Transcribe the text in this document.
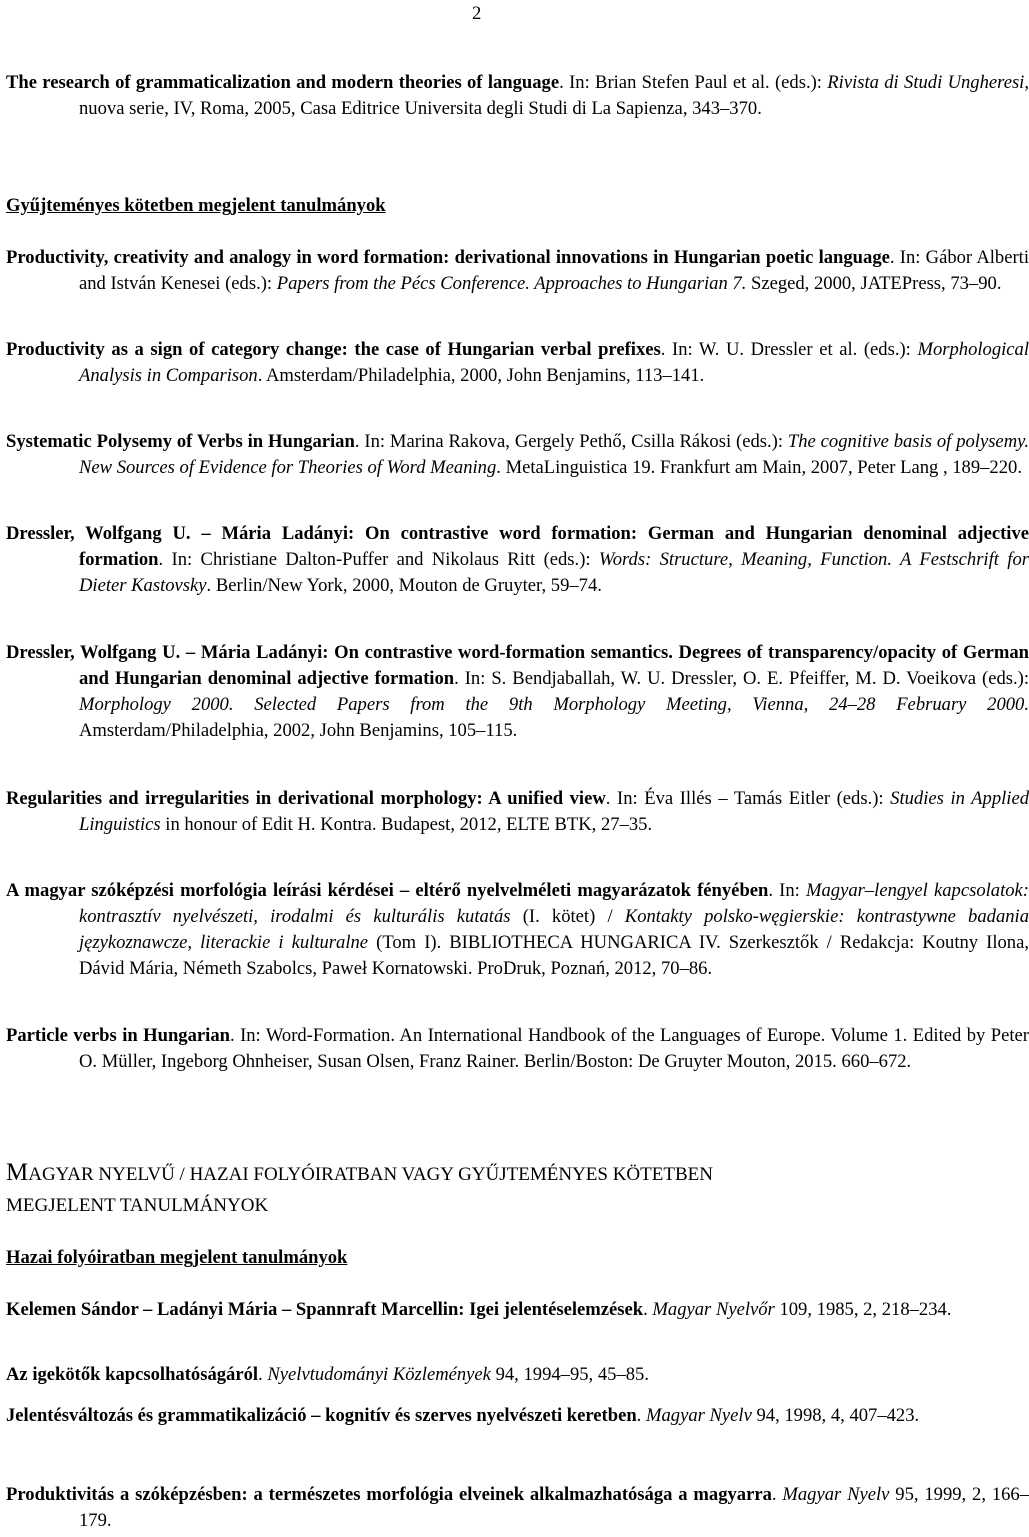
2

The research of grammaticalization and modern theories of language. In: Brian Stefen Paul et al. (eds.): Rivista di Studi Ungheresi, nuova serie, IV, Roma, 2005, Casa Editrice Universita degli Studi di La Sapienza, 343–370.

Gyűjteményes kötetben megjelent tanulmányok

Productivity, creativity and analogy in word formation: derivational innovations in Hungarian poetic language. In: Gábor Alberti and István Kenesei (eds.): Papers from the Pécs Conference. Approaches to Hungarian 7. Szeged, 2000, JATEPress, 73–90.

Productivity as a sign of category change: the case of Hungarian verbal prefixes. In: W. U. Dressler et al. (eds.): Morphological Analysis in Comparison. Amsterdam/Philadelphia, 2000, John Benjamins, 113–141.

Systematic Polysemy of Verbs in Hungarian. In: Marina Rakova, Gergely Pethő, Csilla Rákosi (eds.): The cognitive basis of polysemy. New Sources of Evidence for Theories of Word Meaning. MetaLinguistica 19. Frankfurt am Main, 2007, Peter Lang , 189–220.

Dressler, Wolfgang U. – Mária Ladányi: On contrastive word formation: German and Hungarian denominal adjective formation. In: Christiane Dalton-Puffer and Nikolaus Ritt (eds.): Words: Structure, Meaning, Function. A Festschrift for Dieter Kastovsky. Berlin/New York, 2000, Mouton de Gruyter, 59–74.

Dressler, Wolfgang U. – Mária Ladányi: On contrastive word-formation semantics. Degrees of transparency/opacity of German and Hungarian denominal adjective formation. In: S. Bendjaballah, W. U. Dressler, O. E. Pfeiffer, M. D. Voeikova (eds.): Morphology 2000. Selected Papers from the 9th Morphology Meeting, Vienna, 24–28 February 2000. Amsterdam/Philadelphia, 2002, John Benjamins, 105–115.

Regularities and irregularities in derivational morphology: A unified view. In: Éva Illés – Tamás Eitler (eds.): Studies in Applied Linguistics in honour of Edit H. Kontra. Budapest, 2012, ELTE BTK, 27–35.

A magyar szóképzési morfológia leírási kérdései – eltérő nyelvelméleti magyarázatok fényében. In: Magyar–lengyel kapcsolatok: kontrasztív nyelvészeti, irodalmi és kulturális kutatás (I. kötet) / Kontakty polsko-węgierskie: kontrastywne badania językoznawcze, literackie i kulturalne (Tom I). BIBLIOTHECA HUNGARICA IV. Szerkesztők / Redakcja: Koutny Ilona, Dávid Mária, Németh Szabolcs, Paweł Kornatowski. ProDruk, Poznań, 2012, 70–86.

Particle verbs in Hungarian. In: Word-Formation. An International Handbook of the Languages of Europe. Volume 1. Edited by Peter O. Müller, Ingeborg Ohnheiser, Susan Olsen, Franz Rainer. Berlin/Boston: De Gruyter Mouton, 2015. 660–672.

MAGYAR NYELVŰ / HAZAI FOLYÓIRATBAN VAGY GYŰJTEMÉNYES KÖTETBEN
MEGJELENT TANULMÁNYOK

Hazai folyóiratban megjelent tanulmányok

Kelemen Sándor – Ladányi Mária – Spannraft Marcellin: Igei jelentéselemzések. Magyar Nyelvőr 109, 1985, 2, 218–234.

Az igekötők kapcsolhatóságáról. Nyelvtudományi Közlemények 94, 1994–95, 45–85.

Jelentésváltozás és grammatikalizáció – kognitív és szerves nyelvészeti keretben. Magyar Nyelv 94, 1998, 4, 407–423.

Produktivitás a szóképzésben: a természetes morfológia elveinek alkalmazhatósága a magyarra. Magyar Nyelv 95, 1999, 2, 166–179.
